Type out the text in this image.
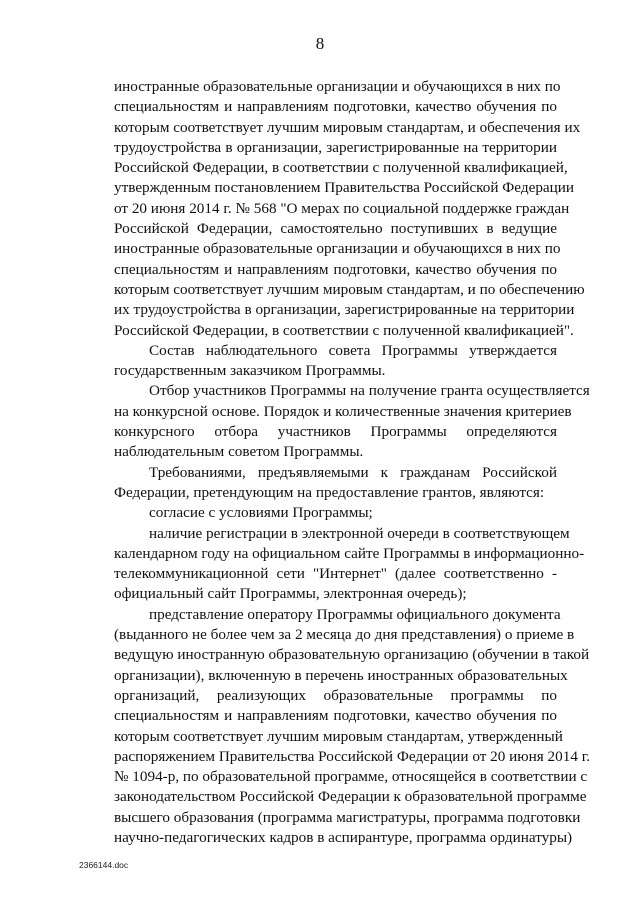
8
иностранные образовательные организации и обучающихся в них по
специальностям и направлениям подготовки, качество обучения по
которым соответствует лучшим мировым стандартам, и обеспечения их
трудоустройства в организации, зарегистрированные на территории
Российской Федерации, в соответствии с полученной квалификацией,
утвержденным постановлением Правительства Российской Федерации
от 20 июня 2014 г. № 568 "О мерах по социальной поддержке граждан
Российской Федерации, самостоятельно поступивших в ведущие
иностранные образовательные организации и обучающихся в них по
специальностям и направлениям подготовки, качество обучения по
которым соответствует лучшим мировым стандартам, и по обеспечению
их трудоустройства в организации, зарегистрированные на территории
Российской Федерации, в соответствии с полученной квалификацией".
Состав наблюдательного совета Программы утверждается
государственным заказчиком Программы.
Отбор участников Программы на получение гранта осуществляется
на конкурсной основе. Порядок и количественные значения критериев
конкурсного отбора участников Программы определяются
наблюдательным советом Программы.
Требованиями, предъявляемыми к гражданам Российской
Федерации, претендующим на предоставление грантов, являются:
согласие с условиями Программы;
наличие регистрации в электронной очереди в соответствующем
календарном году на официальном сайте Программы в информационно-
телекоммуникационной сети "Интернет" (далее соответственно -
официальный сайт Программы, электронная очередь);
представление оператору Программы официального документа
(выданного не более чем за 2 месяца до дня представления) о приеме в
ведущую иностранную образовательную организацию (обучении в такой
организации), включенную в перечень иностранных образовательных
организаций, реализующих образовательные программы по
специальностям и направлениям подготовки, качество обучения по
которым соответствует лучшим мировым стандартам, утвержденный
распоряжением Правительства Российской Федерации от 20 июня 2014 г.
№ 1094-р, по образовательной программе, относящейся в соответствии с
законодательством Российской Федерации к образовательной программе
высшего образования (программа магистратуры, программа подготовки
научно-педагогических кадров в аспирантуре, программа ординатуры)
2366144.doc
